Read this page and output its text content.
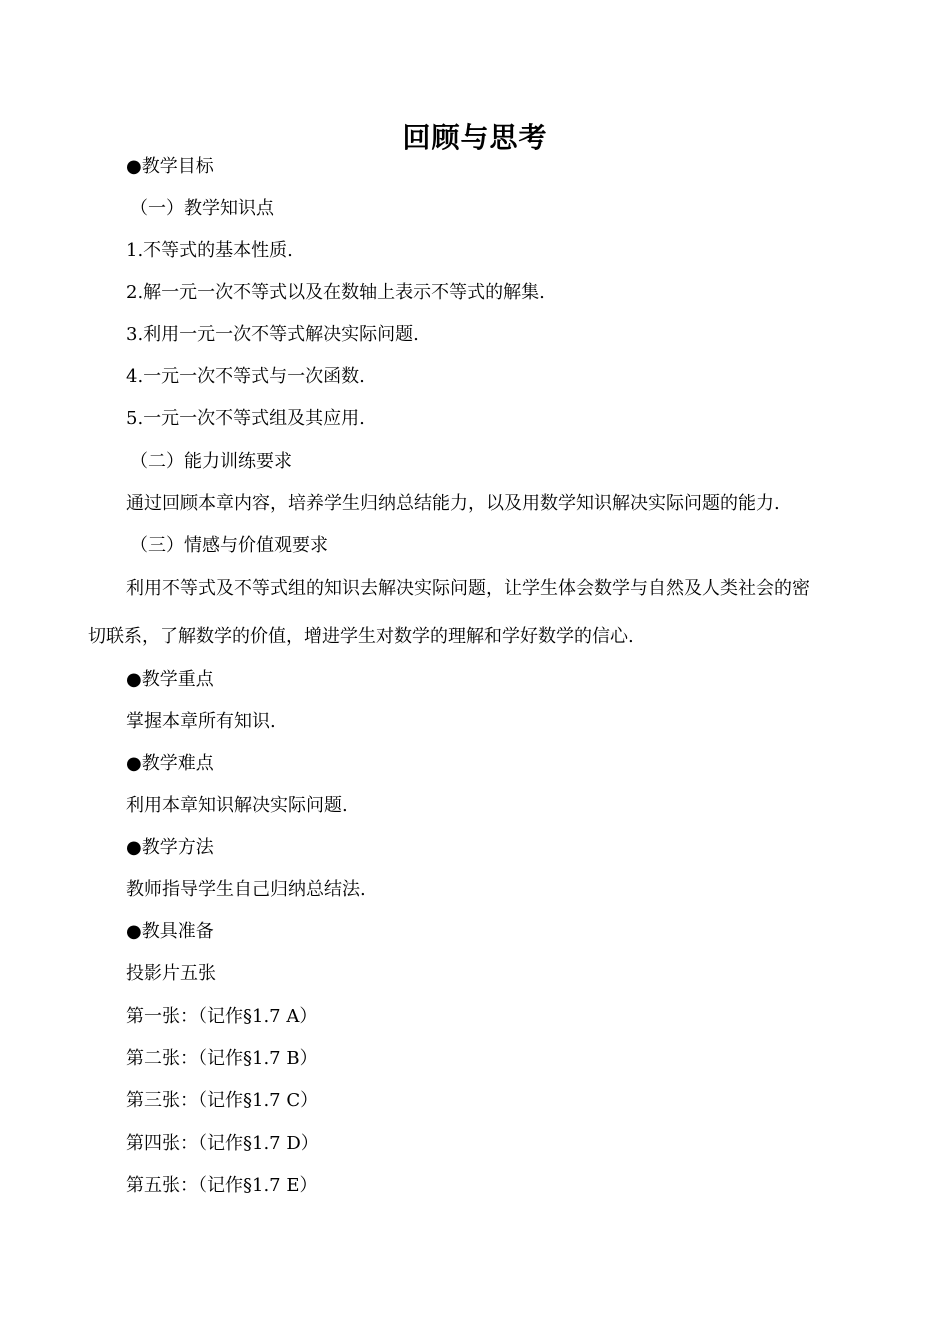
回顾与思考
●教学目标
（一）教学知识点
1.不等式的基本性质.
2.解一元一次不等式以及在数轴上表示不等式的解集.
3.利用一元一次不等式解决实际问题.
4.一元一次不等式与一次函数.
5.一元一次不等式组及其应用.
（二）能力训练要求
通过回顾本章内容，培养学生归纳总结能力，以及用数学知识解决实际问题的能力.
（三）情感与价值观要求
利用不等式及不等式组的知识去解决实际问题，让学生体会数学与自然及人类社会的密
切联系，了解数学的价值，增进学生对数学的理解和学好数学的信心.
●教学重点
掌握本章所有知识.
●教学难点
利用本章知识解决实际问题.
●教学方法
教师指导学生自己归纳总结法.
●教具准备
投影片五张
第一张：（记作§1.7 A）
第二张：（记作§1.7 B）
第三张：（记作§1.7 C）
第四张：（记作§1.7 D）
第五张：（记作§1.7 E）
